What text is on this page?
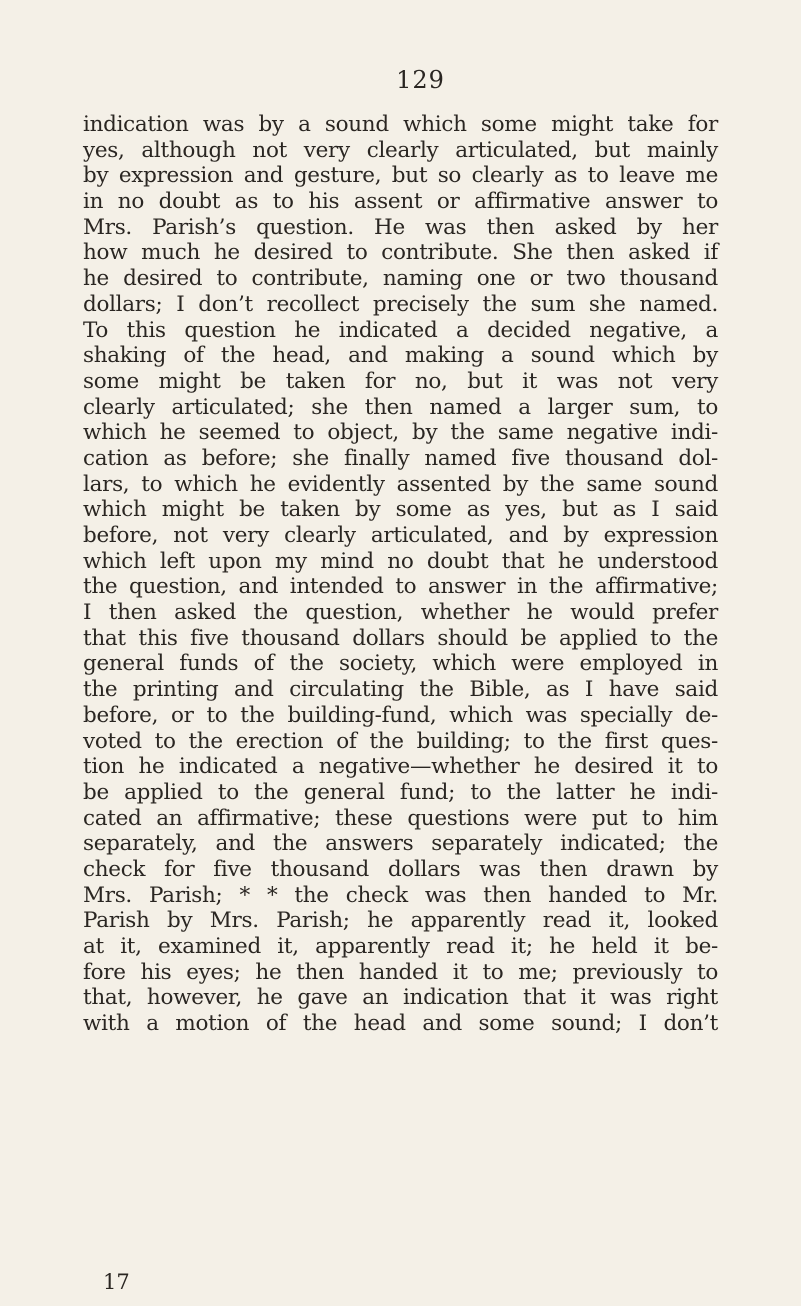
129
indication was by a sound which some might take for
yes, although not very clearly articulated, but mainly
by expression and gesture, but so clearly as to leave me
in no doubt as to his assent or affirmative answer to
Mrs. Parish’s question. He was then asked by her
how much he desired to contribute. She then asked if
he desired to contribute, naming one or two thousand
dollars; I don’t recollect precisely the sum she named.
To this question he indicated a decided negative, a
shaking of the head, and making a sound which by
some might be taken for no, but it was not very
clearly articulated; she then named a larger sum, to
which he seemed to object, by the same negative indi-
cation as before; she finally named five thousand dol-
lars, to which he evidently assented by the same sound
which might be taken by some as yes, but as I said
before, not very clearly articulated, and by expression
which left upon my mind no doubt that he understood
the question, and intended to answer in the affirmative;
I then asked the question, whether he would prefer
that this five thousand dollars should be applied to the
general funds of the society, which were employed in
the printing and circulating the Bible, as I have said
before, or to the building-fund, which was specially de-
voted to the erection of the building; to the first ques-
tion he indicated a negative—whether he desired it to
be applied to the general fund; to the latter he indi-
cated an affirmative; these questions were put to him
separately, and the answers separately indicated; the
check for five thousand dollars was then drawn by
Mrs. Parish; * * the check was then handed to Mr.
Parish by Mrs. Parish; he apparently read it, looked
at it, examined it, apparently read it; he held it be-
fore his eyes; he then handed it to me; previously to
that, however, he gave an indication that it was right
with a motion of the head and some sound; I don’t
17
